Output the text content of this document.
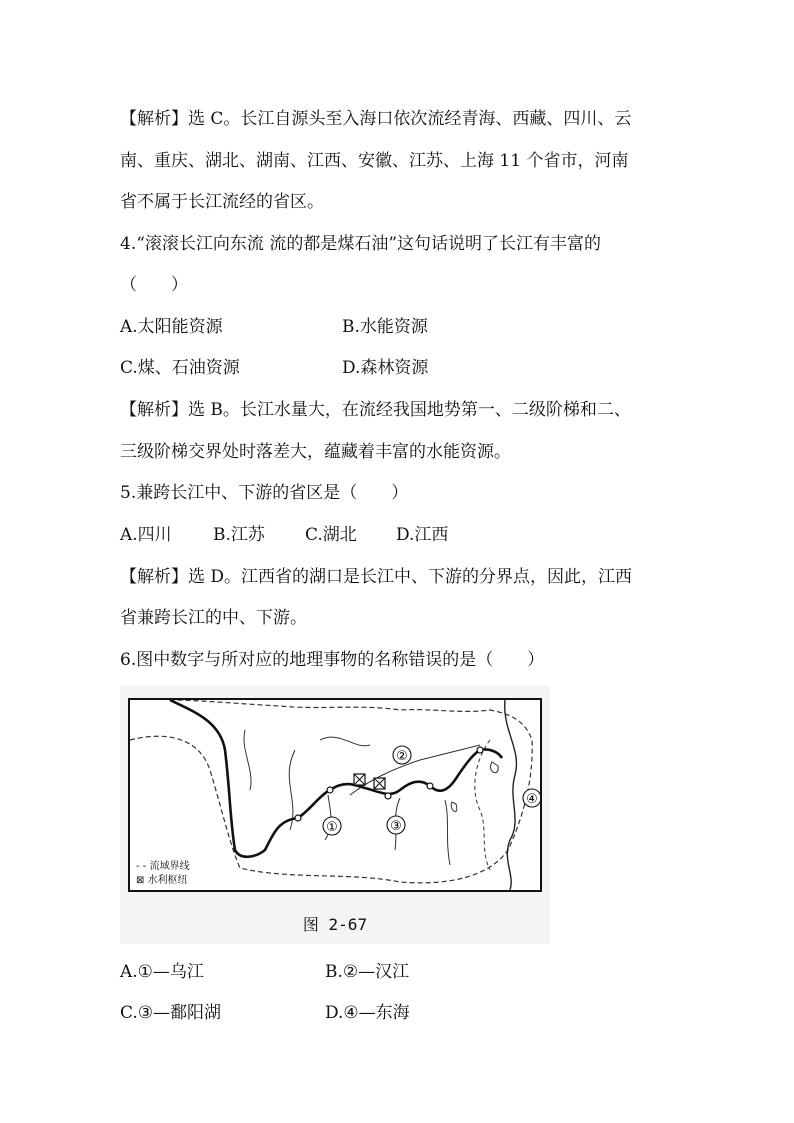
【解析】选 C。长江自源头至入海口依次流经青海、西藏、四川、云
南、重庆、湖北、湖南、江西、安徽、江苏、上海 11 个省市，河南
省不属于长江流经的省区。
4.“滚滚长江向东流 流的都是煤石油”这句话说明了长江有丰富的
（　　）
A.太阳能资源	B.水能资源
C.煤、石油资源	D.森林资源
【解析】选 B。长江水量大，在流经我国地势第一、二级阶梯和二、
三级阶梯交界处时落差大，蕴藏着丰富的水能资源。
5.兼跨长江中、下游的省区是（　　）
A.四川 B.江苏 C.湖北 D.江西
【解析】选 D。江西省的湖口是长江中、下游的分界点，因此，江西
省兼跨长江的中、下游。
6.图中数字与所对应的地理事物的名称错误的是（　　）
①
②
③
④
- - 流域界线
⊠ 水利枢纽
图 2-67
A.①—乌江	B.②—汉江
C.③—鄱阳湖	D.④—东海
